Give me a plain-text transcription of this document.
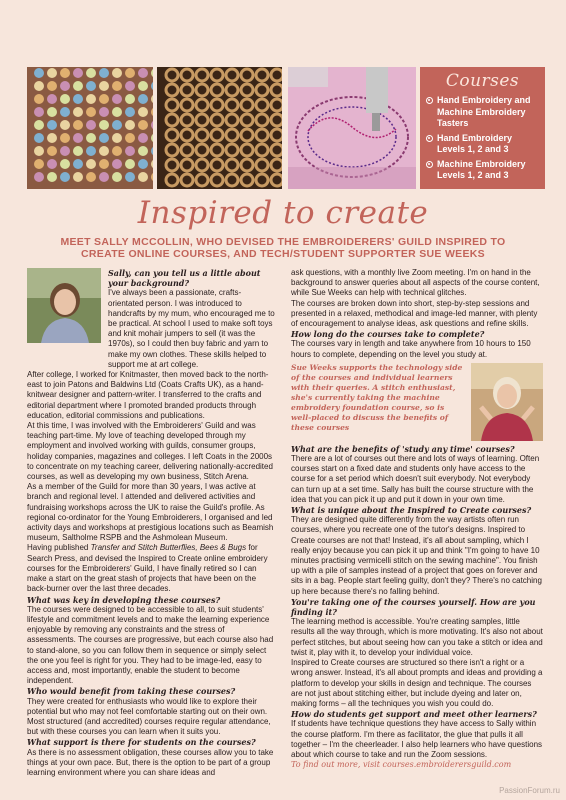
Courses
Hand Embroidery and Machine Embroidery Tasters
Hand Embroidery Levels 1, 2 and 3
Machine Embroidery Levels 1, 2 and 3
Inspired to create
MEET SALLY MCCOLLIN, WHO DEVISED THE EMBROIDERERS' GUILD INSPIRED TO CREATE ONLINE COURSES, AND TECH/STUDENT SUPPORTER SUE WEEKS

Sally, can you tell us a little about your background?

I've always been a passionate, crafts-orientated person. I was introduced to handcrafts by my mum, who encouraged me to be practical. At school I used to make soft toys and knit mohair jumpers to sell (it was the 1970s), so I could then buy fabric and yarn to make my own clothes. These skills helped to support me at art college.

After college, I worked for Knitmaster, then moved back to the north-east to join Patons and Baldwins Ltd (Coats Crafts UK), as a hand-knitwear designer and pattern-writer. I transferred to the crafts and editorial department where I promoted branded products through education, editorial commissions and publications.

At this time, I was involved with the Embroiderers' Guild and was teaching part-time. My love of teaching developed through my employment and involved working with guilds, consumer groups, holiday companies, magazines and colleges. I left Coats in the 2000s to concentrate on my teaching career, delivering nationally-accredited courses, as well as developing my own business, Stitch Arena.

As a member of the Guild for more than 30 years, I was active at branch and regional level. I attended and delivered activities and fundraising workshops across the UK to raise the Guild's profile. As regional co-ordinator for the Young Embroiderers, I organised and led activity days and workshops at prestigious locations such as Beamish museum, Saltholme RSPB and the Ashmolean Museum.

Having published Transfer and Stitch Butterflies, Bees & Bugs for Search Press, and devised the Inspired to Create online embroidery courses for the Embroiderers' Guild, I have finally retired so I can make a start on the great stash of projects that have been on the back-burner over the last three decades.

What was key in developing these courses?

The courses were designed to be accessible to all, to suit students' lifestyle and commitment levels and to make the learning experience enjoyable by removing any constraints and the stress of assessments. The courses are progressive, but each course also had to stand-alone, so you can follow them in sequence or simply select the one you feel is right for you. They had to be image-led, easy to access and, most importantly, enable the student to become independent.

Who would benefit from taking these courses?

They were created for enthusiasts who would like to explore their potential but who may not feel comfortable starting out on their own. Most structured (and accredited) courses require regular attendance, but with these courses you can learn when it suits you.

What support is there for students on the courses?

As there is no assessment obligation, these courses allow you to take things at your own pace. But, there is the option to be part of a group learning environment where you can share ideas and

ask questions, with a monthly live Zoom meeting. I'm on hand in the background to answer queries about all aspects of the course content, while Sue Weeks can help with technical glitches.

The courses are broken down into short, step-by-step sessions and presented in a relaxed, methodical and image-led manner, with plenty of encouragement to analyse ideas, ask questions and refine skills.

How long do the courses take to complete?

The courses vary in length and take anywhere from 10 hours to 150 hours to complete, depending on the level you study at.

Sue Weeks supports the technology side of the courses and individual learners with their queries. A stitch enthusiast, she's currently taking the machine embroidery foundation course, so is well-placed to discuss the benefits of these courses

What are the benefits of 'study any time' courses?

There are a lot of courses out there and lots of ways of learning. Often courses start on a fixed date and students only have access to the course for a set period which doesn't suit everybody. Not everybody can turn up at a set time. Sally has built the course structure with the idea that you can pick it up and put it down in your own time.

What is unique about the Inspired to Create courses?

They are designed quite differently from the way artists often run courses, where you recreate one of the tutor's designs. Inspired to Create courses are not that! Instead, it's all about sampling, which I really enjoy because you can pick it up and think "I'm going to have 10 minutes practising vermicelli stitch on the sewing machine". You finish up with a pile of samples instead of a project that goes on forever and sits in a bag. People start feeling guilty, don't they? There's no catching up here because there's no falling behind.

You're taking one of the courses yourself. How are you finding it?

The learning method is accessible. You're creating samples, little results all the way through, which is more motivating. It's also not about perfect stitches, but about seeing how can you take a stitch or idea and twist it, play with it, to develop your individual voice.

Inspired to Create courses are structured so there isn't a right or a wrong answer. Instead, it's all about prompts and ideas and providing a platform to develop your skills in design and technique. The courses are not just about stitching either, but include dyeing and later on, making forms – all the techniques you wish you could do.

How do students get support and meet other learners?

If students have technique questions they have access to Sally within the course platform. I'm there as facilitator, the glue that pulls it all together – I'm the cheerleader. I also help learners who have questions about which course to take and run the Zoom sessions.

To find out more, visit courses.embroiderersguild.com

PassionForum.ru
